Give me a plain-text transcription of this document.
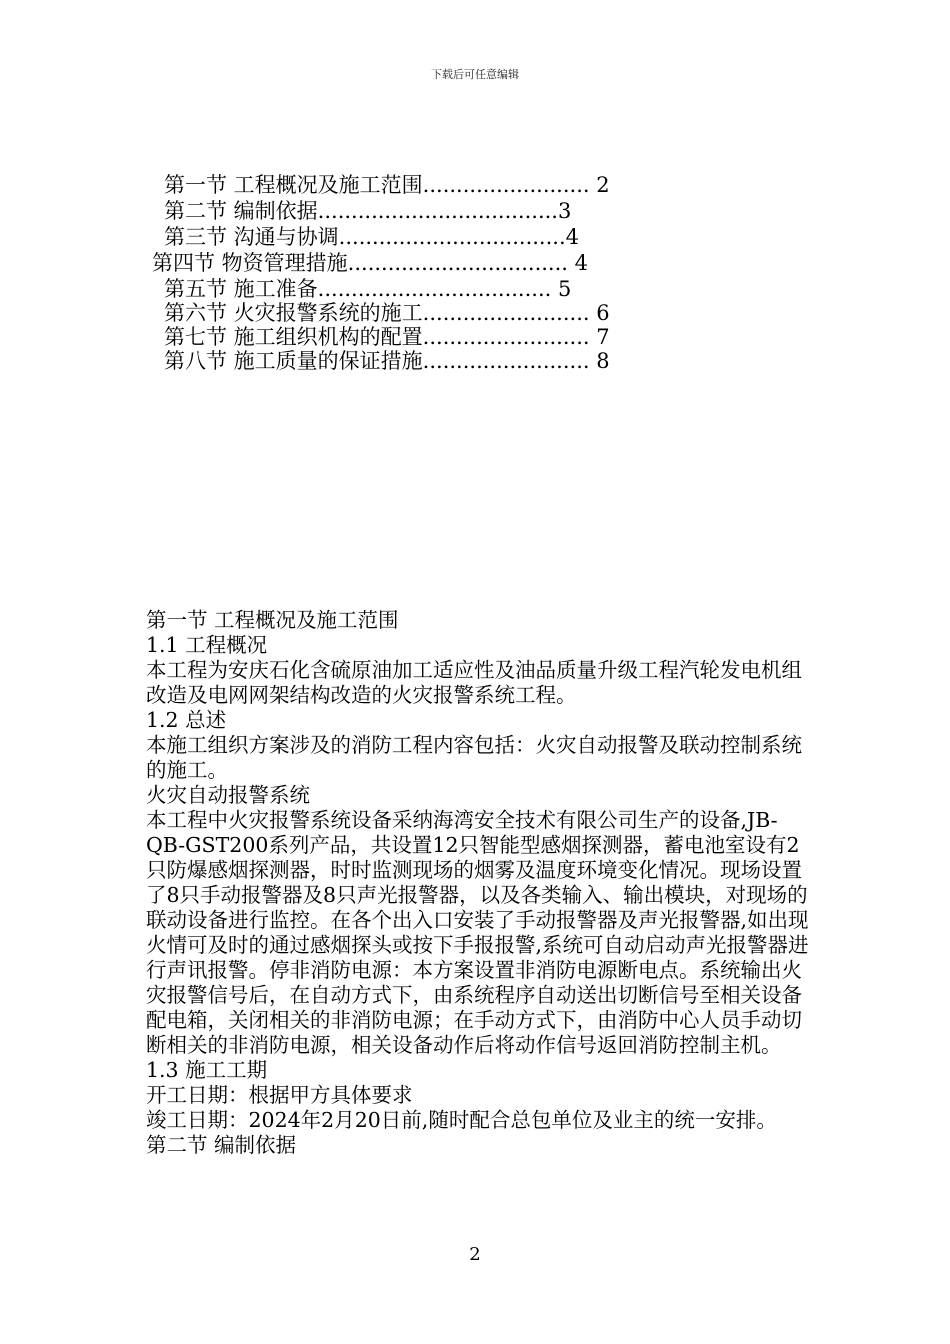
下载后可任意编辑
第一节 工程概况及施工范围......................... 2
第二节 编制依据....................................3
第三节 沟通与协调..................................4
第四节 物资管理措施................................. 4
第五节 施工准备................................... 5
第六节 火灾报警系统的施工......................... 6
第七节 施工组织机构的配置......................... 7
第八节 施工质量的保证措施......................... 8

第一节 工程概况及施工范围

1.1 工程概况

本工程为安庆石化含硫原油加工适应性及油品质量升级工程汽轮发电机组改造及电网网架结构改造的火灾报警系统工程。

1.2 总述

本施工组织方案涉及的消防工程内容包括：火灾自动报警及联动控制系统的施工。

火灾自动报警系统

本工程中火灾报警系统设备采纳海湾安全技术有限公司生产的设备,JB-QB-GST200系列产品，共设置12只智能型感烟探测器，蓄电池室设有2只防爆感烟探测器，时时监测现场的烟雾及温度环境变化情况。现场设置了8只手动报警器及8只声光报警器，以及各类输入、输出模块，对现场的联动设备进行监控。在各个出入口安装了手动报警器及声光报警器,如出现火情可及时的通过感烟探头或按下手报报警,系统可自动启动声光报警器进行声讯报警。停非消防电源：本方案设置非消防电源断电点。系统输出火灾报警信号后，在自动方式下，由系统程序自动送出切断信号至相关设备配电箱，关闭相关的非消防电源；在手动方式下，由消防中心人员手动切断相关的非消防电源，相关设备动作后将动作信号返回消防控制主机。

1.3 施工工期

开工日期：根据甲方具体要求

竣工日期：2024年2月20日前,随时配合总包单位及业主的统一安排。

第二节 编制依据

2
